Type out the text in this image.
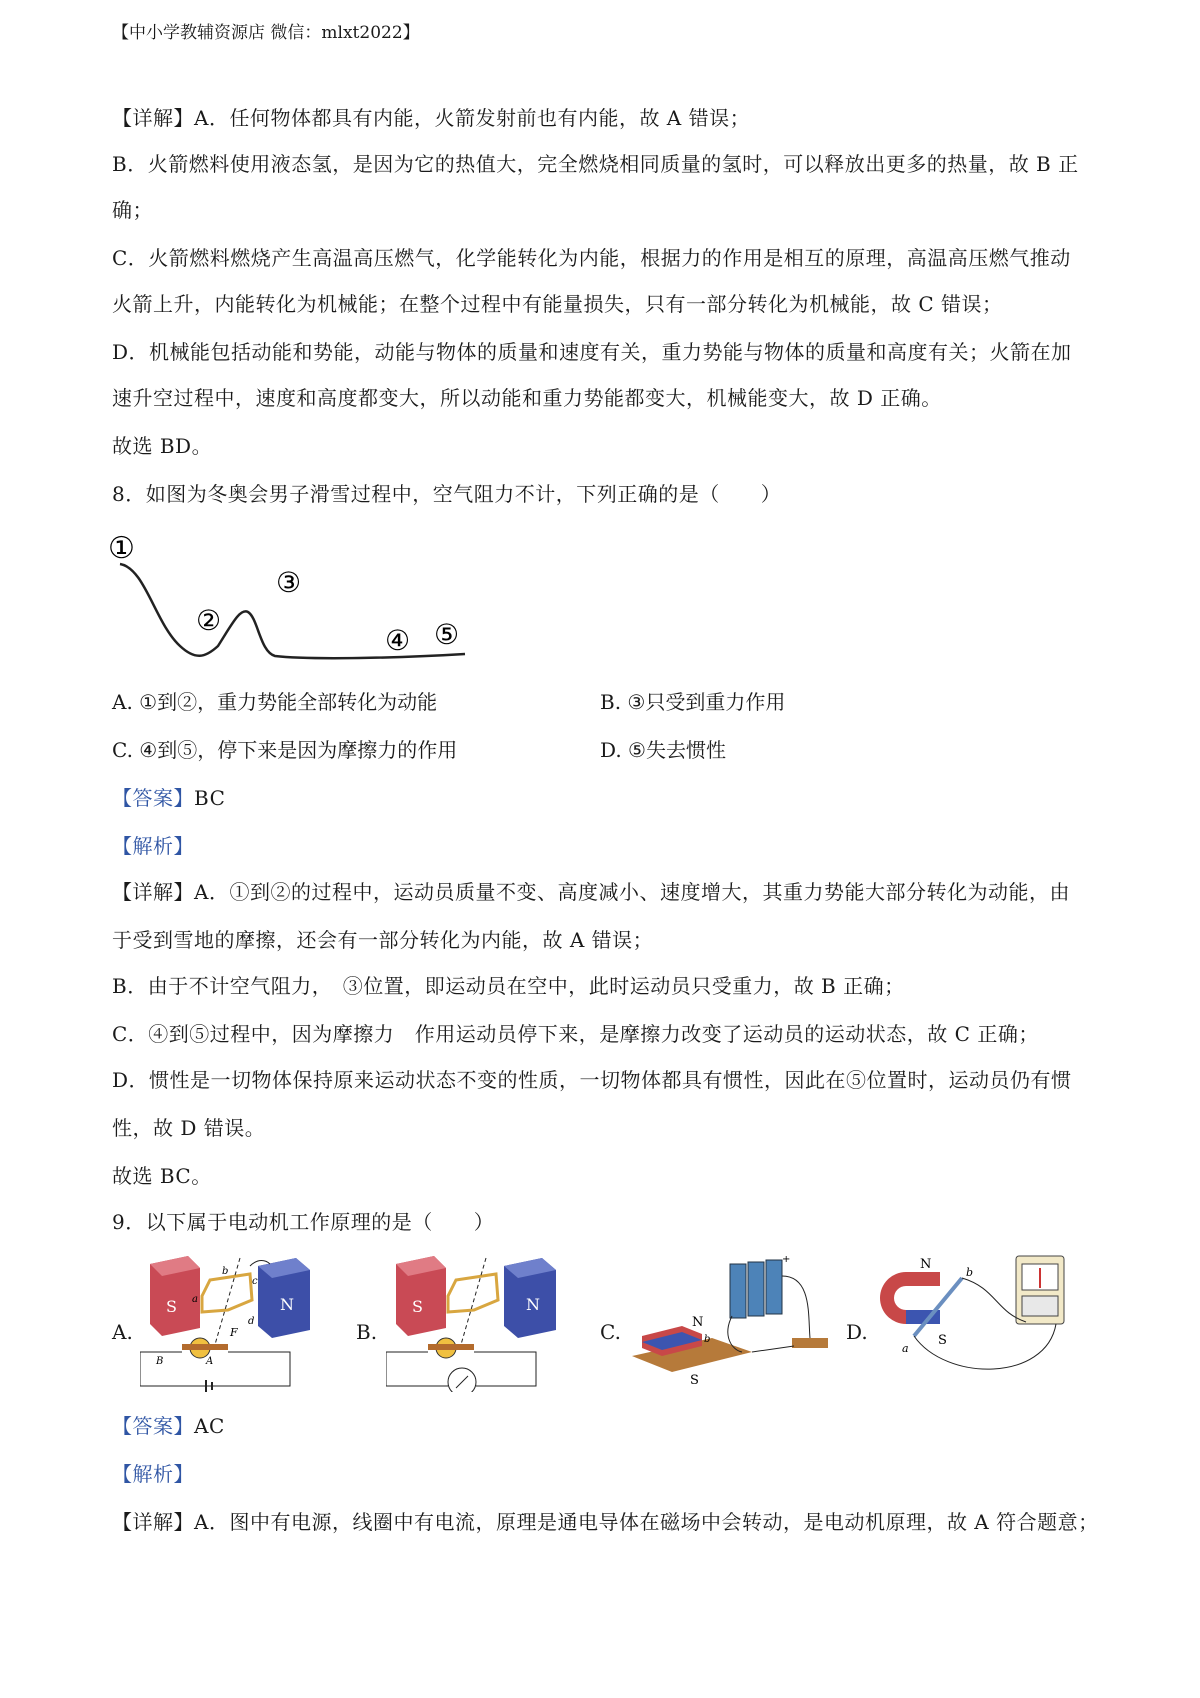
【中小学教辅资源店 微信：mlxt2022】
【详解】A．任何物体都具有内能，火箭发射前也有内能，故 A 错误；
B．火箭燃料使用液态氢，是因为它的热值大，完全燃烧相同质量的氢时，可以释放出更多的热量，故 B 正
确；
C．火箭燃料燃烧产生高温高压燃气，化学能转化为内能，根据力的作用是相互的原理，高温高压燃气推动
火箭上升，内能转化为机械能；在整个过程中有能量损失，只有一部分转化为机械能，故 C 错误；
D．机械能包括动能和势能，动能与物体的质量和速度有关，重力势能与物体的质量和高度有关；火箭在加
速升空过程中，速度和高度都变大，所以动能和重力势能都变大，机械能变大，故 D 正确。
故选 BD。
8．如图为冬奥会男子滑雪过程中，空气阻力不计，下列正确的是（　　）
①
②
③
④ ⑤
A. ①到②，重力势能全部转化为动能	B. ③只受到重力作用
C. ④到⑤，停下来是因为摩擦力的作用	D. ⑤失去惯性
【答案】BC
【解析】
【详解】A．①到②的过程中，运动员质量不变、高度减小、速度增大，其重力势能大部分转化为动能，由
于受到雪地的摩擦，还会有一部分转化为内能，故 A 错误；
B．由于不计空气阻力，　③位置，即运动员在空中，此时运动员只受重力，故 B 正确；
C．④到⑤过程中，因为摩擦力　作用运动员停下来，是摩擦力改变了运动员的运动状态，故 C 正确；
D．惯性是一切物体保持原来运动状态不变的性质，一切物体都具有惯性，因此在⑤位置时，运动员仍有惯
性，故 D 错误。
故选 BC。
9．以下属于电动机工作原理的是（　　）
A.
S	N
a
b
c
d
F
A
B
B.
S	N
C.	N
S
b
+
D.
N
S
b
a
【答案】AC
【解析】
【详解】A．图中有电源，线圈中有电流，原理是通电导体在磁场中会转动，是电动机原理，故 A 符合题意；
